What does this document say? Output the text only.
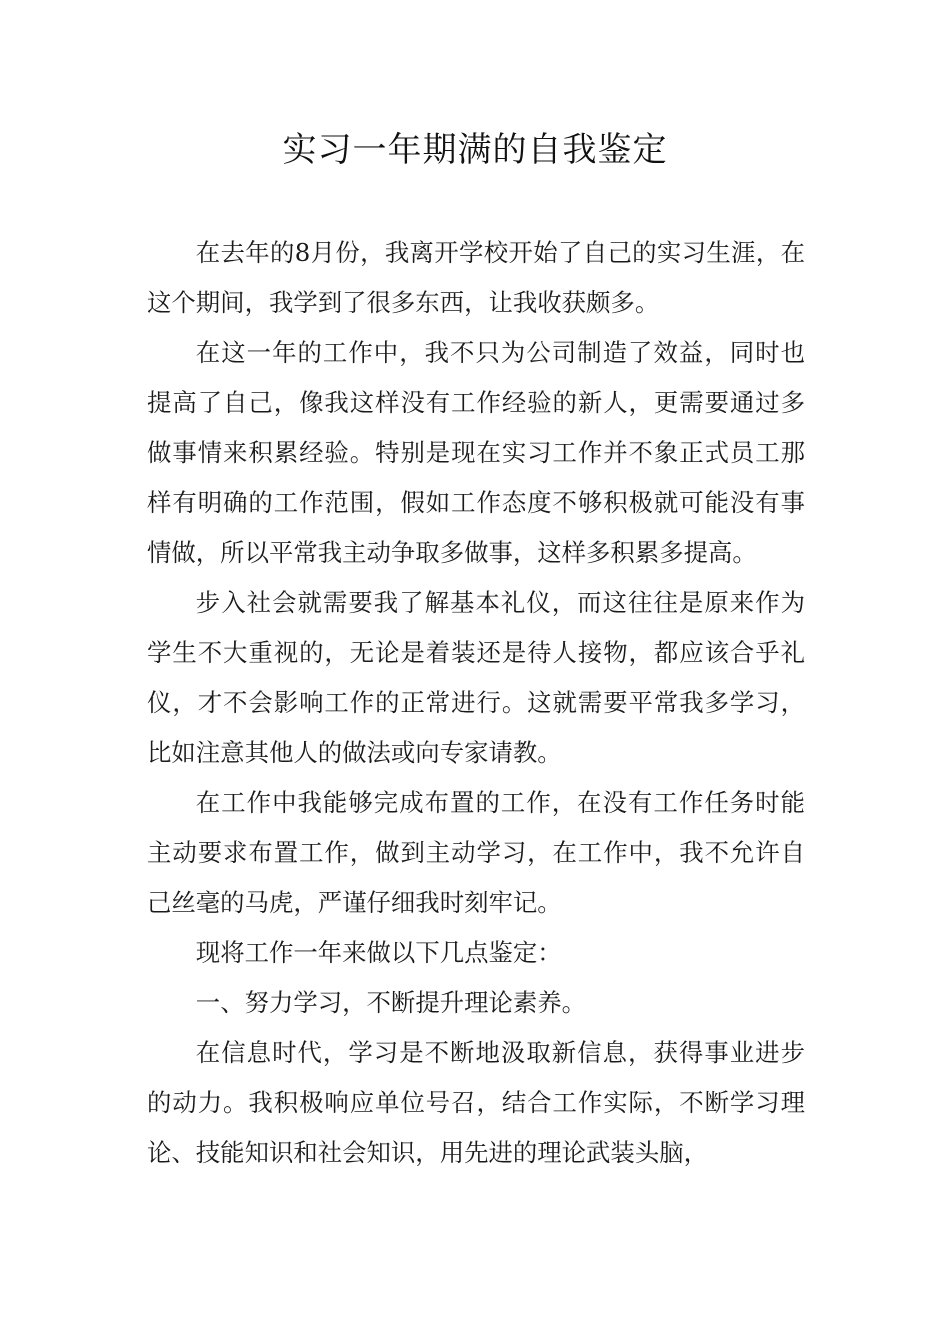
实习一年期满的自我鉴定

在去年的8月份，我离开学校开始了自己的实习生涯，在这个期间，我学到了很多东西，让我收获颇多。

在这一年的工作中，我不只为公司制造了效益，同时也提高了自己，像我这样没有工作经验的新人，更需要通过多做事情来积累经验。特别是现在实习工作并不象正式员工那样有明确的工作范围，假如工作态度不够积极就可能没有事情做，所以平常我主动争取多做事，这样多积累多提高。

步入社会就需要我了解基本礼仪，而这往往是原来作为学生不大重视的，无论是着装还是待人接物，都应该合乎礼仪，才不会影响工作的正常进行。这就需要平常我多学习，比如注意其他人的做法或向专家请教。

在工作中我能够完成布置的工作，在没有工作任务时能主动要求布置工作，做到主动学习，在工作中，我不允许自己丝毫的马虎，严谨仔细我时刻牢记。

现将工作一年来做以下几点鉴定：

一、努力学习，不断提升理论素养。

在信息时代，学习是不断地汲取新信息，获得事业进步的动力。我积极响应单位号召，结合工作实际，不断学习理论、技能知识和社会知识，用先进的理论武装头脑，
